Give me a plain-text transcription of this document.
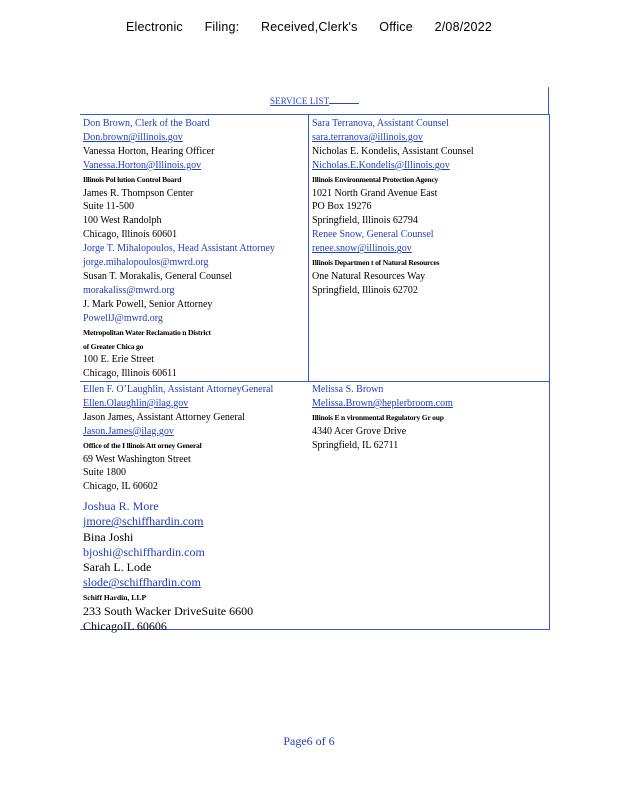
Electronic Filing: Received,Clerk's Office 2/08/2022
SERVICE LIST
Don Brown, Clerk of the Board
Don.brown@illinois.gov
Vanessa Horton, Hearing Officer
Vanessa.Horton@Illinois.gov
Illinois Pol lution Control Board
James R. Thompson Center
Suite 11-500
100 West Randolph
Chicago, Illinois 60601
Jorge T. Mihalopoulos, Head Assistant Attorney
jorge.mihalopoulos@mwrd.org
Susan T. Morakalis, General Counsel
morakaliss@mwrd.org
J. Mark Powell, Senior Attorney
PowellJ@mwrd.org
Metropolitan Water Reclamatio n District
of Greater Chica go
100 E. Erie Street
Chicago, Illinois 60611
Sara Terranova, Assistant Counsel
sara.terranova@illinois.gov
Nicholas E. Kondelis, Assistant Counsel
Nicholas.E.Kondelis@Illinois.gov
Illinois Environmental Protection Agency
1021 North Grand Avenue East
PO Box 19276
Springfield, Illinois 62794
Renee Snow, General Counsel
renee.snow@illinois.gov
Illinois Departmen t of Natural Resources
One Natural Resources Way
Springfield, Illinois 62702
Ellen F. O’Laughlin, Assistant AttorneyGeneral
Ellen.Olaughlin@ilag.gov
Jason James, Assistant Attorney General
Jason.James@ilag.gov
Office of the I llinois Att orney General
69 West Washington Street
Suite 1800
Chicago, IL 60602
Joshua R. More
jmore@schiffhardin.com
Bina Joshi
bjoshi@schiffhardin.com
Sarah L. Lode
slode@schiffhardin.com
Schiff Hardin, LLP
233 South Wacker DriveSuite 6600
ChicagoIL 60606
Melissa S. Brown
Melissa.Brown@heplerbroom.com
Illinois E n vironmental Regulatory Gr oup
4340 Acer Grove Drive
Springfield, IL 62711
Page6 of 6
